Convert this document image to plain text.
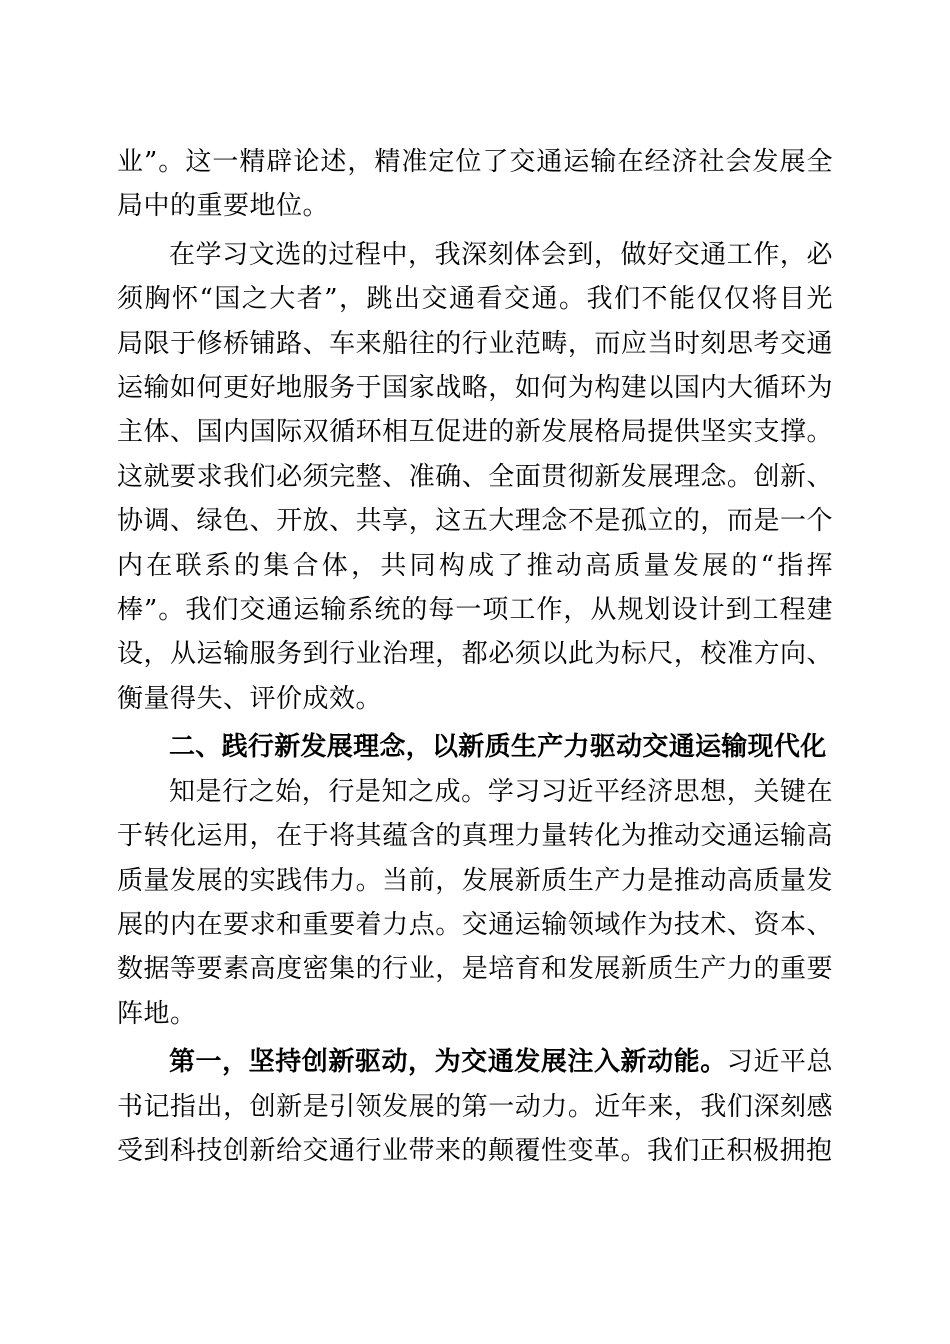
业”。这一精辟论述，精准定位了交通运输在经济社会发展全局中的重要地位。

在学习文选的过程中，我深刻体会到，做好交通工作，必须胸怀“国之大者”，跳出交通看交通。我们不能仅仅将目光局限于修桥铺路、车来船往的行业范畴，而应当时刻思考交通运输如何更好地服务于国家战略，如何为构建以国内大循环为主体、国内国际双循环相互促进的新发展格局提供坚实支撑。这就要求我们必须完整、准确、全面贯彻新发展理念。创新、协调、绿色、开放、共享，这五大理念不是孤立的，而是一个内在联系的集合体，共同构成了推动高质量发展的“指挥棒”。我们交通运输系统的每一项工作，从规划设计到工程建设，从运输服务到行业治理，都必须以此为标尺，校准方向、衡量得失、评价成效。

二、践行新发展理念，以新质生产力驱动交通运输现代化

知是行之始，行是知之成。学习习近平经济思想，关键在于转化运用，在于将其蕴含的真理力量转化为推动交通运输高质量发展的实践伟力。当前，发展新质生产力是推动高质量发展的内在要求和重要着力点。交通运输领域作为技术、资本、数据等要素高度密集的行业，是培育和发展新质生产力的重要阵地。

第一，坚持创新驱动，为交通发展注入新动能。习近平总书记指出，创新是引领发展的第一动力。近年来，我们深刻感受到科技创新给交通行业带来的颠覆性变革。我们正积极拥抱
